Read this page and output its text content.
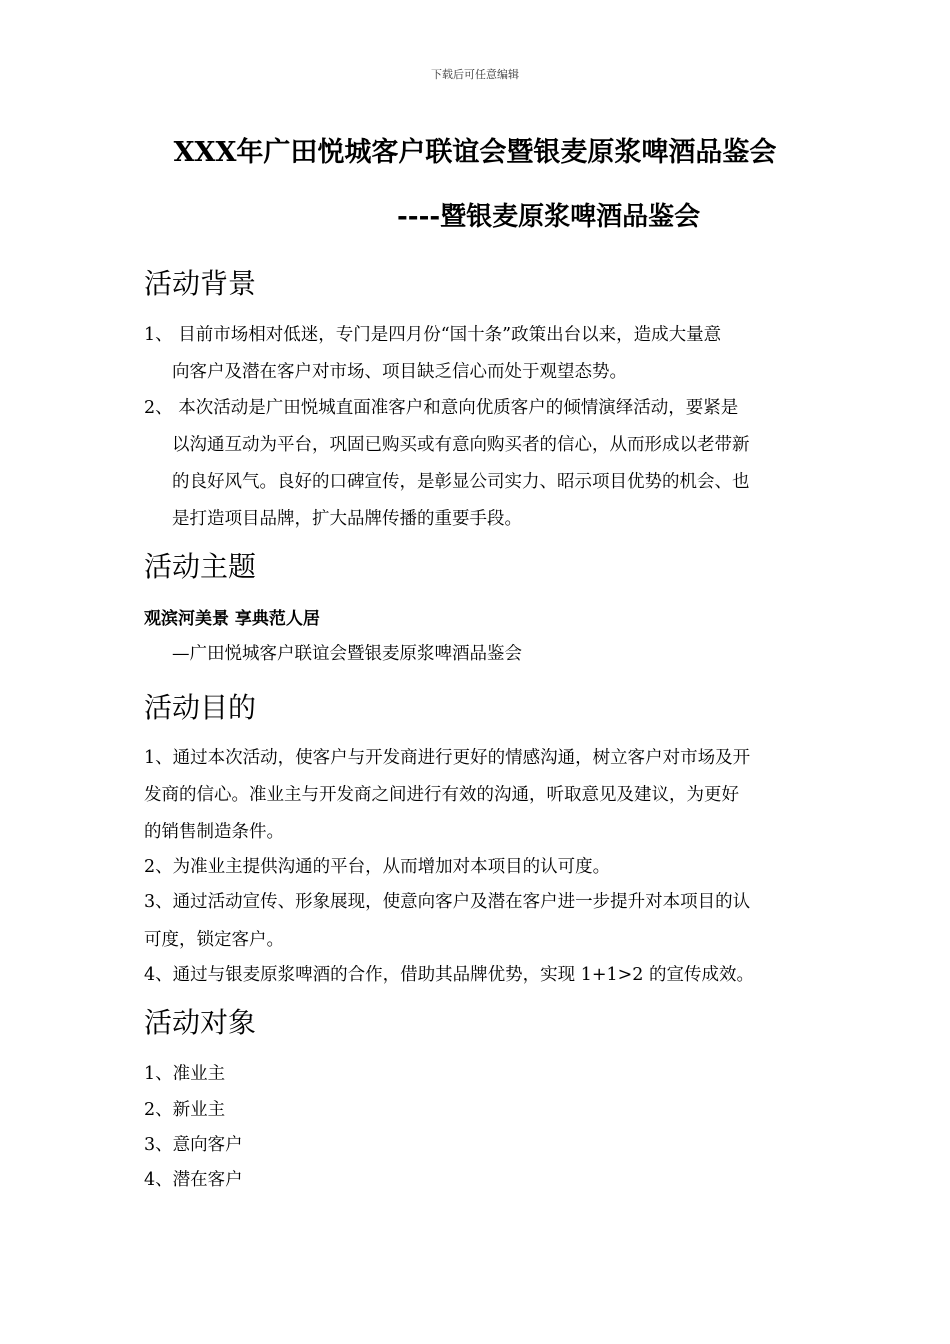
下载后可任意编辑
XXX年广田悦城客户联谊会暨银麦原浆啤酒品鉴会
----暨银麦原浆啤酒品鉴会
活动背景
1、 目前市场相对低迷，专门是四月份“国十条”政策出台以来，造成大量意
向客户及潜在客户对市场、项目缺乏信心而处于观望态势。
2、 本次活动是广田悦城直面准客户和意向优质客户的倾情演绎活动，要紧是
以沟通互动为平台，巩固已购买或有意向购买者的信心，从而形成以老带新
的良好风气。良好的口碑宣传，是彰显公司实力、昭示项目优势的机会、也
是打造项目品牌，扩大品牌传播的重要手段。
活动主题
观滨河美景 享典范人居
—广田悦城客户联谊会暨银麦原浆啤酒品鉴会
活动目的
1、通过本次活动，使客户与开发商进行更好的情感沟通，树立客户对市场及开
发商的信心。准业主与开发商之间进行有效的沟通，听取意见及建议，为更好
的销售制造条件。
2、为准业主提供沟通的平台，从而增加对本项目的认可度。
3、通过活动宣传、形象展现，使意向客户及潜在客户进一步提升对本项目的认
可度，锁定客户。
4、通过与银麦原浆啤酒的合作，借助其品牌优势，实现 1+1>2 的宣传成效。
活动对象
1、准业主
2、新业主
3、意向客户
4、潜在客户
